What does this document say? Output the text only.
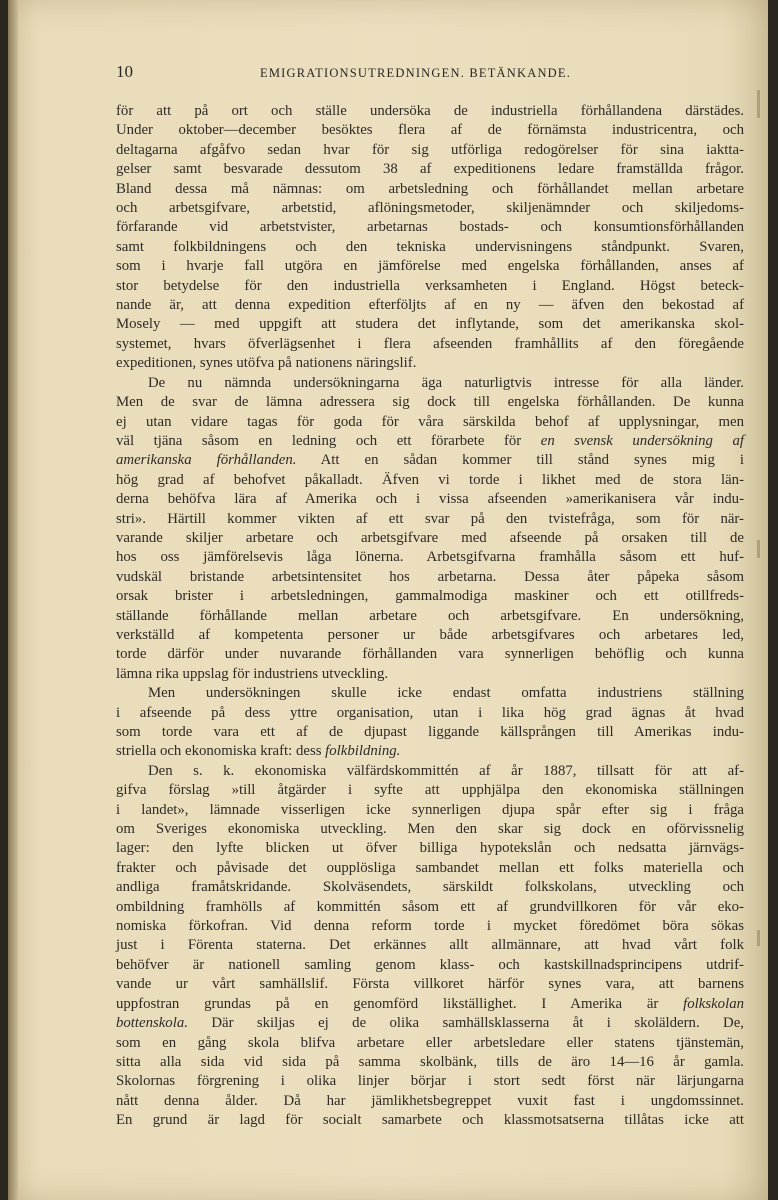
10	EMIGRATIONSUTREDNINGEN. BETÄNKANDE.
för att på ort och ställe undersöka de industriella förhållandena därstädes.
Under oktober—december besöktes flera af de förnämsta industricentra, och
deltagarna afgåfvo sedan hvar för sig utförliga redogörelser för sina iaktta-
gelser samt besvarade dessutom 38 af expeditionens ledare framställda frågor.
Bland dessa må nämnas: om arbetsledning och förhållandet mellan arbetare
och arbetsgifvare, arbetstid, aflöningsmetoder, skiljenämnder och skiljedoms-
förfarande vid arbetstvister, arbetarnas bostads- och konsumtionsförhållanden
samt folkbildningens och den tekniska undervisningens ståndpunkt. Svaren,
som i hvarje fall utgöra en jämförelse med engelska förhållanden, anses af
stor betydelse för den industriella verksamheten i England. Högst beteck-
nande är, att denna expedition efterföljts af en ny — äfven den bekostad af
Mosely — med uppgift att studera det inflytande, som det amerikanska skol-
systemet, hvars öfverlägsenhet i flera afseenden framhållits af den föregående
expeditionen, synes utöfva på nationens näringslif.
De nu nämnda undersökningarna äga naturligtvis intresse för alla länder.
Men de svar de lämna adressera sig dock till engelska förhållanden. De kunna
ej utan vidare tagas för goda för våra särskilda behof af upplysningar, men
väl tjäna såsom en ledning och ett förarbete för en svensk undersökning af
amerikanska förhållanden. Att en sådan kommer till stånd synes mig i
hög grad af behofvet påkalladt. Äfven vi torde i likhet med de stora län-
derna behöfva lära af Amerika och i vissa afseenden »amerikanisera vår indu-
stri». Härtill kommer vikten af ett svar på den tvistefråga, som för när-
varande skiljer arbetare och arbetsgifvare med afseende på orsaken till de
hos oss jämförelsevis låga lönerna. Arbetsgifvarna framhålla såsom ett huf-
vudskäl bristande arbetsintensitet hos arbetarna. Dessa åter påpeka såsom
orsak brister i arbetsledningen, gammalmodiga maskiner och ett otillfreds-
ställande förhållande mellan arbetare och arbetsgifvare. En undersökning,
verkställd af kompetenta personer ur både arbetsgifvares och arbetares led,
torde därför under nuvarande förhållanden vara synnerligen behöflig och kunna
lämna rika uppslag för industriens utveckling.
Men undersökningen skulle icke endast omfatta industriens ställning
i afseende på dess yttre organisation, utan i lika hög grad ägnas åt hvad
som torde vara ett af de djupast liggande källsprången till Amerikas indu-
striella och ekonomiska kraft: dess folkbildning.
Den s. k. ekonomiska välfärdskommittén af år 1887, tillsatt för att af-
gifva förslag »till åtgärder i syfte att upphjälpa den ekonomiska ställningen
i landet», lämnade visserligen icke synnerligen djupa spår efter sig i fråga
om Sveriges ekonomiska utveckling. Men den skar sig dock en oförvissnelig
lager: den lyfte blicken ut öfver billiga hypotekslån och nedsatta järnvägs-
frakter och påvisade det oupplösliga sambandet mellan ett folks materiella och
andliga framåtskridande. Skolväsendets, särskildt folkskolans, utveckling och
ombildning framhölls af kommittén såsom ett af grundvillkoren för vår eko-
nomiska förkofran. Vid denna reform torde i mycket föredömet böra sökas
just i Förenta staterna. Det erkännes allt allmännare, att hvad vårt folk
behöfver är nationell samling genom klass- och kastskillnadsprincipens utdrif-
vande ur vårt samhällslif. Första villkoret härför synes vara, att barnens
uppfostran grundas på en genomförd likställighet. I Amerika är folkskolan
bottenskola. Där skiljas ej de olika samhällsklasserna åt i skoläldern. De,
som en gång skola blifva arbetare eller arbetsledare eller statens tjänstemän,
sitta alla sida vid sida på samma skolbänk, tills de äro 14—16 år gamla.
Skolornas förgrening i olika linjer börjar i stort sedt först när lärjungarna
nått denna ålder. Då har jämlikhetsbegreppet vuxit fast i ungdomssinnet.
En grund är lagd för socialt samarbete och klassmotsatserna tillåtas icke att
